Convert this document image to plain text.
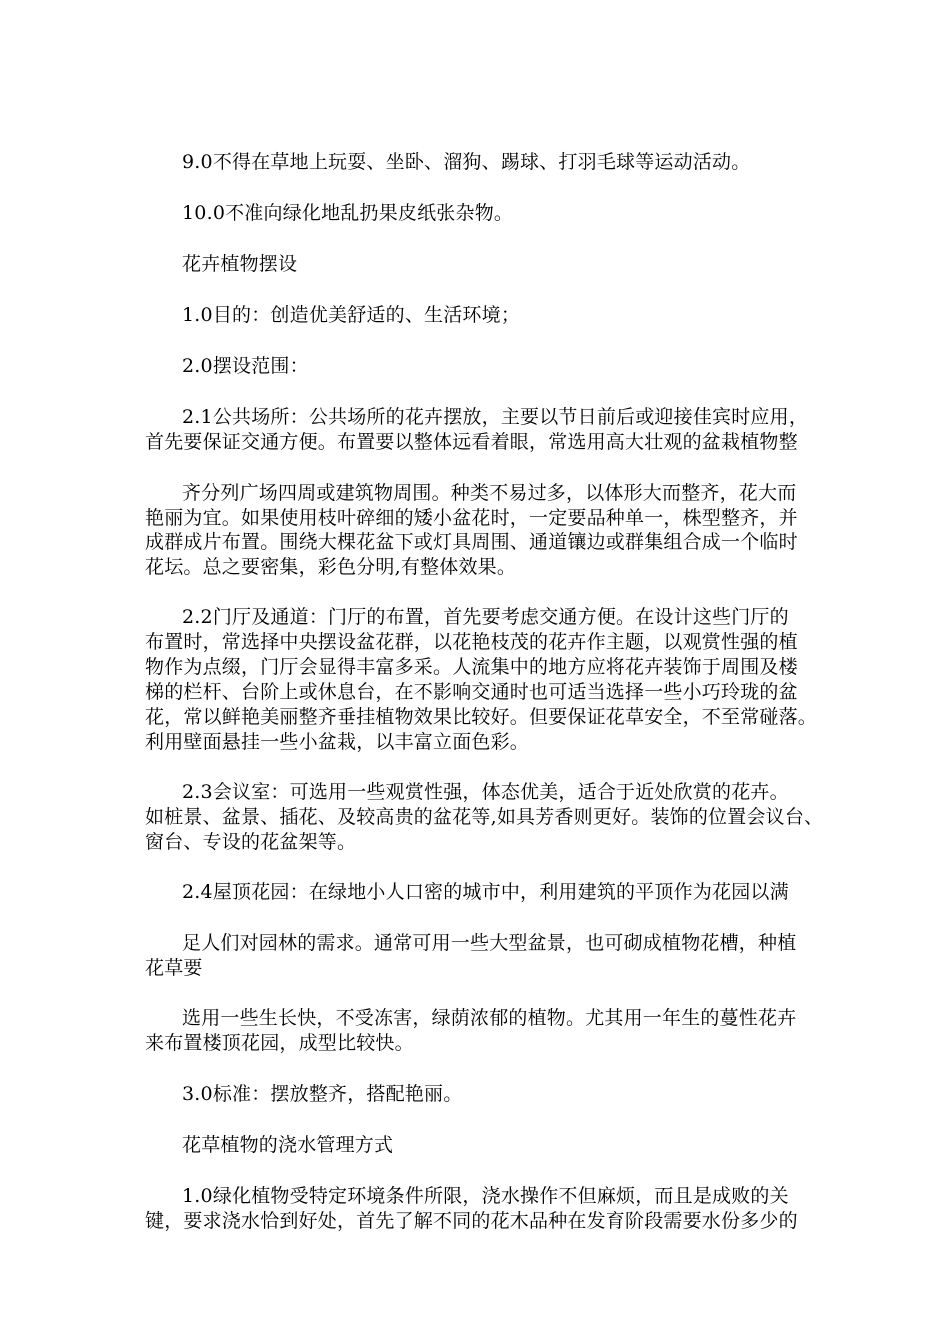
9.0不得在草地上玩耍、坐卧、溜狗、踢球、打羽毛球等运动活动。
10.0不准向绿化地乱扔果皮纸张杂物。
花卉植物摆设
1.0目的：创造优美舒适的、生活环境；
2.0摆设范围：
2.1公共场所：公共场所的花卉摆放，主要以节日前后或迎接佳宾时应用，
首先要保证交通方便。布置要以整体远看着眼，常选用高大壮观的盆栽植物整
齐分列广场四周或建筑物周围。种类不易过多，以体形大而整齐，花大而
艳丽为宜。如果使用枝叶碎细的矮小盆花时，一定要品种单一，株型整齐，并
成群成片布置。围绕大棵花盆下或灯具周围、通道镶边或群集组合成一个临时
花坛。总之要密集，彩色分明,有整体效果。
2.2门厅及通道：门厅的布置，首先要考虑交通方便。在设计这些门厅的
布置时，常选择中央摆设盆花群，以花艳枝茂的花卉作主题，以观赏性强的植
物作为点缀，门厅会显得丰富多采。人流集中的地方应将花卉装饰于周围及楼
梯的栏杆、台阶上或休息台，在不影响交通时也可适当选择一些小巧玲珑的盆
花，常以鲜艳美丽整齐垂挂植物效果比较好。但要保证花草安全，不至常碰落。
利用壁面悬挂一些小盆栽，以丰富立面色彩。
2.3会议室：可选用一些观赏性强，体态优美，适合于近处欣赏的花卉。
如桩景、盆景、插花、及较高贵的盆花等,如具芳香则更好。装饰的位置会议台、
窗台、专设的花盆架等。
2.4屋顶花园：在绿地小人口密的城市中，利用建筑的平顶作为花园以满
足人们对园林的需求。通常可用一些大型盆景，也可砌成植物花槽，种植
花草要
选用一些生长快，不受冻害，绿荫浓郁的植物。尤其用一年生的蔓性花卉
来布置楼顶花园，成型比较快。
3.0标准：摆放整齐，搭配艳丽。
花草植物的浇水管理方式
1.0绿化植物受特定环境条件所限，浇水操作不但麻烦，而且是成败的关
键，要求浇水恰到好处，首先了解不同的花木品种在发育阶段需要水份多少的
